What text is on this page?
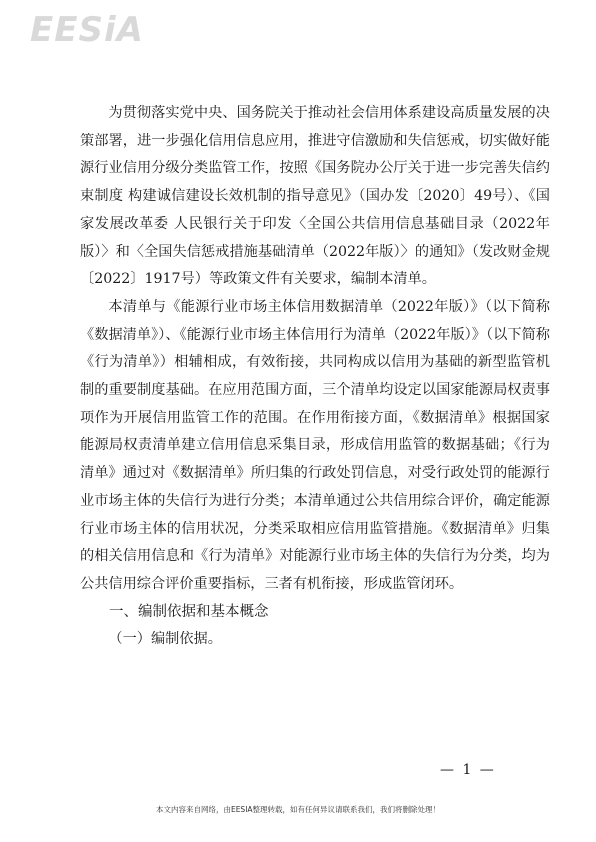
EESiA

为贯彻落实党中央、国务院关于推动社会信用体系建设高质量发展的决策部署，进一步强化信用信息应用，推进守信激励和失信惩戒，切实做好能源行业信用分级分类监管工作，按照《国务院办公厅关于进一步完善失信约束制度 构建诚信建设长效机制的指导意见》（国办发〔2020〕49号）、《国家发展改革委 人民银行关于印发〈全国公共信用信息基础目录（2022年版）〉和〈全国失信惩戒措施基础清单（2022年版）〉的通知》（发改财金规〔2022〕1917号）等政策文件有关要求，编制本清单。

本清单与《能源行业市场主体信用数据清单（2022年版）》（以下简称《数据清单》）、《能源行业市场主体信用行为清单（2022年版）》（以下简称《行为清单》）相辅相成，有效衔接，共同构成以信用为基础的新型监管机制的重要制度基础。在应用范围方面，三个清单均设定以国家能源局权责事项作为开展信用监管工作的范围。在作用衔接方面，《数据清单》根据国家能源局权责清单建立信用信息采集目录，形成信用监管的数据基础；《行为清单》通过对《数据清单》所归集的行政处罚信息，对受行政处罚的能源行业市场主体的失信行为进行分类；本清单通过公共信用综合评价，确定能源行业市场主体的信用状况，分类采取相应信用监管措施。《数据清单》归集的相关信用信息和《行为清单》对能源行业市场主体的失信行为分类，均为公共信用综合评价重要指标，三者有机衔接，形成监管闭环。

一、编制依据和基本概念

（一）编制依据。

— 1 —
本文内容来自网络，由EESIA整理转载，如有任何异议请联系我们，我们将删除处理！
